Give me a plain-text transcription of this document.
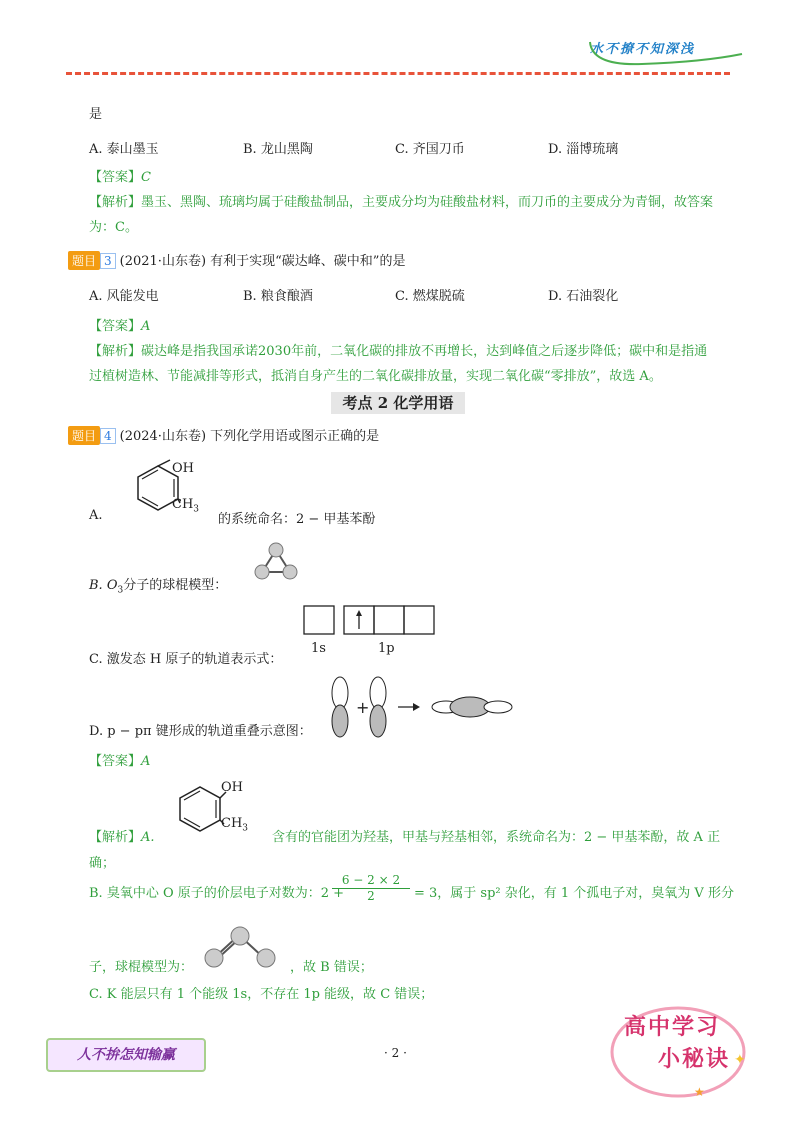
水不撩不知深浅
是
A. 泰山墨玉	B. 龙山黑陶	C. 齐国刀币	D. 淄博琉璃
【答案】C
【解析】墨玉、黑陶、琉璃均属于硅酸盐制品，主要成分均为硅酸盐材料，而刀币的主要成分为青铜，故答案
为：C。
题目 3 (2021·山东卷) 有利于实现“碳达峰、碳中和”的是
A. 风能发电	B. 粮食酿酒	C. 燃煤脱硫	D. 石油裂化
【答案】A
【解析】碳达峰是指我国承诺2030年前，二氧化碳的排放不再增长，达到峰值之后逐步降低；碳中和是指通
过植树造林、节能减排等形式，抵消自身产生的二氧化碳排放量，实现二氧化碳“零排放”，故选 A。
考点 2 化学用语
题目 4 (2024·山东卷) 下列化学用语或图示正确的是
A.
OH
$CH_3$
的系统命名：2 − 甲基苯酚
B. $O_3$分子的球棍模型：
C. 激发态 H 原子的轨道表示式：
1s	1p
D. p − pπ 键形成的轨道重叠示意图：
+
【答案】A
OH
$CH_3$
【解析】A.	含有的官能团为羟基，甲基与羟基相邻，系统命名为：2 − 甲基苯酚，故 A 正
确；
B. 臭氧中心 O 原子的价层电子对数为：2 +
$\frac{6 - 2 \times 2}{2} = 3$，属于 sp² 杂化，有 1 个孤电子对，臭氧为 V 形分
子，球棍模型为：	，故 B 错误；
C. K 能层只有 1 个能级 1s，不存在 1p 能级，故 C 错误；
人不拚怎知输赢	· 2 ·	✦
★
高中学习
小秘诀
